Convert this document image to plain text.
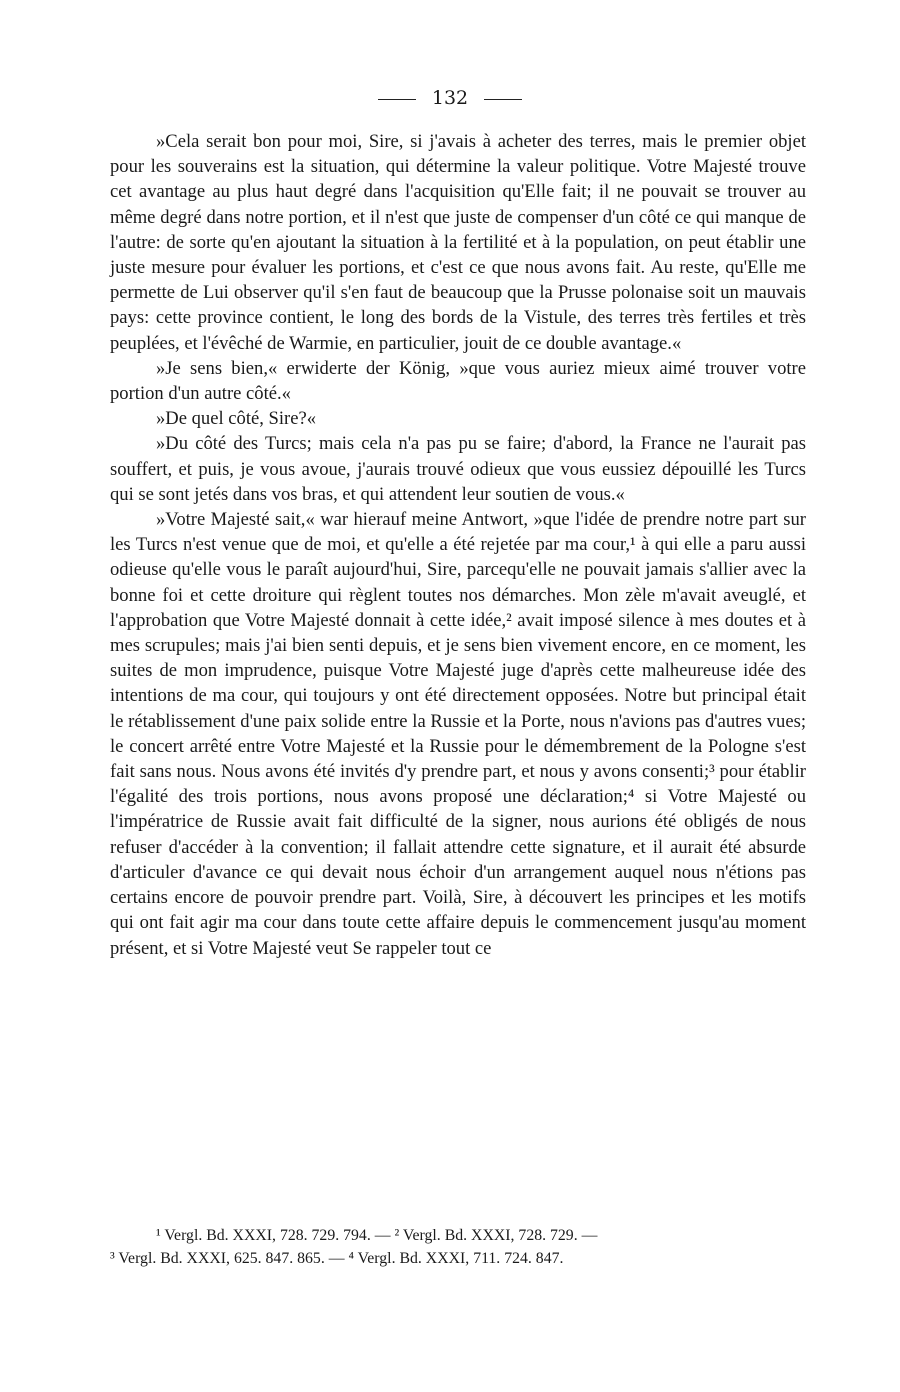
132

»Cela serait bon pour moi, Sire, si j'avais à acheter des terres, mais le premier objet pour les souverains est la situation, qui détermine la valeur politique. Votre Majesté trouve cet avantage au plus haut degré dans l'acquisition qu'Elle fait; il ne pouvait se trouver au même degré dans notre portion, et il n'est que juste de compenser d'un côté ce qui manque de l'autre: de sorte qu'en ajoutant la situation à la fertilité et à la population, on peut établir une juste mesure pour évaluer les portions, et c'est ce que nous avons fait. Au reste, qu'Elle me permette de Lui observer qu'il s'en faut de beaucoup que la Prusse polonaise soit un mauvais pays: cette province contient, le long des bords de la Vistule, des terres très fertiles et très peuplées, et l'évêché de Warmie, en particulier, jouit de ce double avantage.«

»Je sens bien,« erwiderte der König, »que vous auriez mieux aimé trouver votre portion d'un autre côté.«

»De quel côté, Sire?«

»Du côté des Turcs; mais cela n'a pas pu se faire; d'abord, la France ne l'aurait pas souffert, et puis, je vous avoue, j'aurais trouvé odieux que vous eussiez dépouillé les Turcs qui se sont jetés dans vos bras, et qui attendent leur soutien de vous.«

»Votre Majesté sait,« war hierauf meine Antwort, »que l'idée de prendre notre part sur les Turcs n'est venue que de moi, et qu'elle a été rejetée par ma cour,¹ à qui elle a paru aussi odieuse qu'elle vous le paraît aujourd'hui, Sire, parcequ'elle ne pouvait jamais s'allier avec la bonne foi et cette droiture qui règlent toutes nos démarches. Mon zèle m'avait aveuglé, et l'approbation que Votre Majesté donnait à cette idée,² avait imposé silence à mes doutes et à mes scrupules; mais j'ai bien senti depuis, et je sens bien vivement encore, en ce moment, les suites de mon imprudence, puisque Votre Majesté juge d'après cette malheureuse idée des intentions de ma cour, qui toujours y ont été directement opposées. Notre but principal était le rétablissement d'une paix solide entre la Russie et la Porte, nous n'avions pas d'autres vues; le concert arrêté entre Votre Majesté et la Russie pour le démembrement de la Pologne s'est fait sans nous. Nous avons été invités d'y prendre part, et nous y avons consenti;³ pour établir l'égalité des trois portions, nous avons proposé une déclaration;⁴ si Votre Majesté ou l'impératrice de Russie avait fait difficulté de la signer, nous aurions été obligés de nous refuser d'accéder à la convention; il fallait attendre cette signature, et il aurait été absurde d'articuler d'avance ce qui devait nous échoir d'un arrangement auquel nous n'étions pas certains encore de pouvoir prendre part. Voilà, Sire, à découvert les principes et les motifs qui ont fait agir ma cour dans toute cette affaire depuis le commencement jusqu'au moment présent, et si Votre Majesté veut Se rappeler tout ce

¹ Vergl. Bd. XXXI, 728. 729. 794. — ² Vergl. Bd. XXXI, 728. 729. —

³ Vergl. Bd. XXXI, 625. 847. 865. — ⁴ Vergl. Bd. XXXI, 711. 724. 847.
